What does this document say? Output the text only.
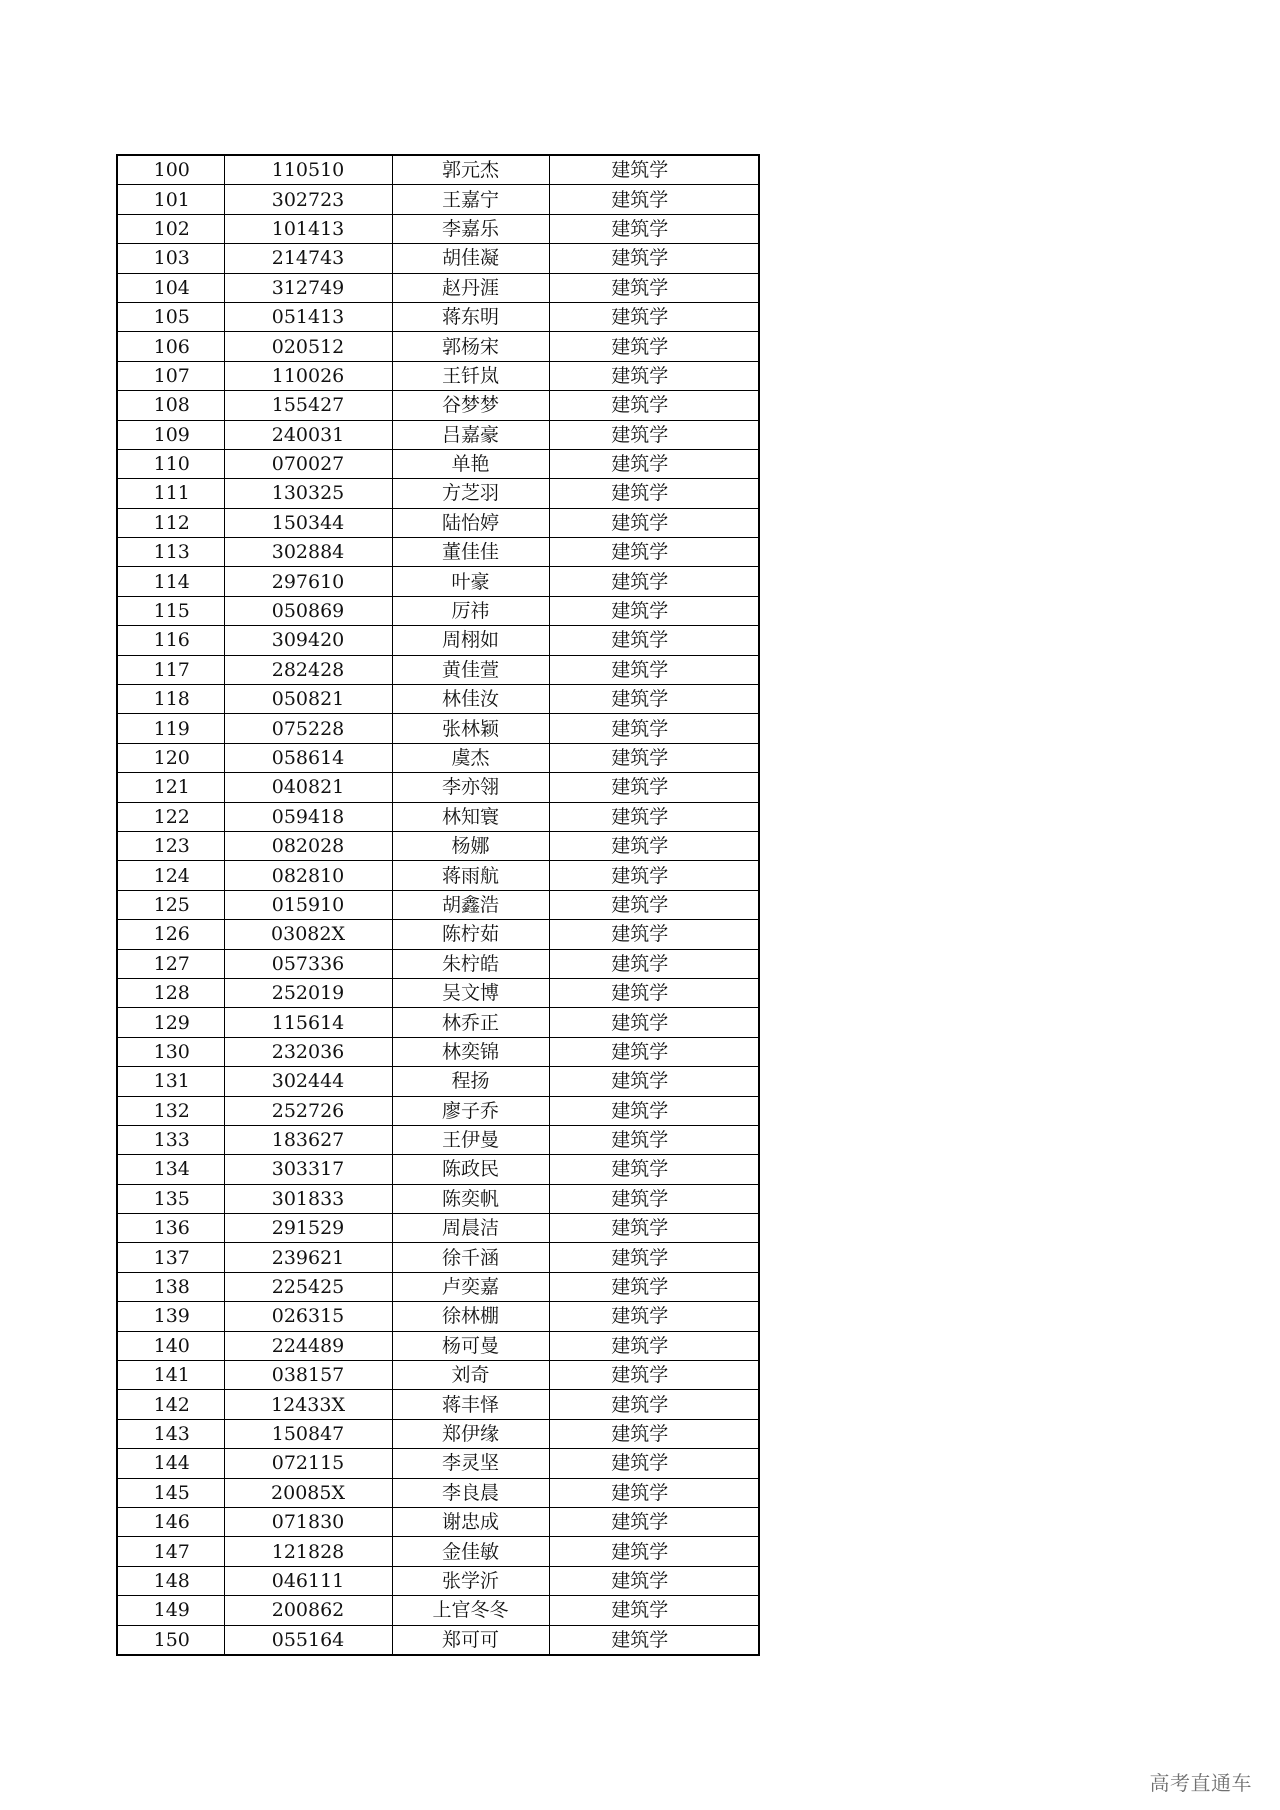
100	110510	郭元杰	建筑学
101	302723	王嘉宁	建筑学
102	101413	李嘉乐	建筑学
103	214743	胡佳凝	建筑学
104	312749	赵丹涯	建筑学
105	051413	蒋东明	建筑学
106	020512	郭杨宋	建筑学
107	110026	王钎岚	建筑学
108	155427	谷梦梦	建筑学
109	240031	吕嘉豪	建筑学
110	070027	单艳	建筑学
111	130325	方芝羽	建筑学
112	150344	陆怡婷	建筑学
113	302884	董佳佳	建筑学
114	297610	叶豪	建筑学
115	050869	厉祎	建筑学
116	309420	周栩如	建筑学
117	282428	黄佳萱	建筑学
118	050821	林佳汝	建筑学
119	075228	张林颖	建筑学
120	058614	虞杰	建筑学
121	040821	李亦翎	建筑学
122	059418	林知寰	建筑学
123	082028	杨娜	建筑学
124	082810	蒋雨航	建筑学
125	015910	胡鑫浩	建筑学
126	03082X	陈柠茹	建筑学
127	057336	朱柠皓	建筑学
128	252019	吴文博	建筑学
129	115614	林乔正	建筑学
130	232036	林奕锦	建筑学
131	302444	程扬	建筑学
132	252726	廖子乔	建筑学
133	183627	王伊曼	建筑学
134	303317	陈政民	建筑学
135	301833	陈奕帆	建筑学
136	291529	周晨洁	建筑学
137	239621	徐千涵	建筑学
138	225425	卢奕嘉	建筑学
139	026315	徐林棚	建筑学
140	224489	杨可曼	建筑学
141	038157	刘奇	建筑学
142	12433X	蒋丰怿	建筑学
143	150847	郑伊缘	建筑学
144	072115	李灵坚	建筑学
145	20085X	李良晨	建筑学
146	071830	谢忠成	建筑学
147	121828	金佳敏	建筑学
148	046111	张学沂	建筑学
149	200862	上官冬冬	建筑学
150	055164	郑可可	建筑学
高考直通车
